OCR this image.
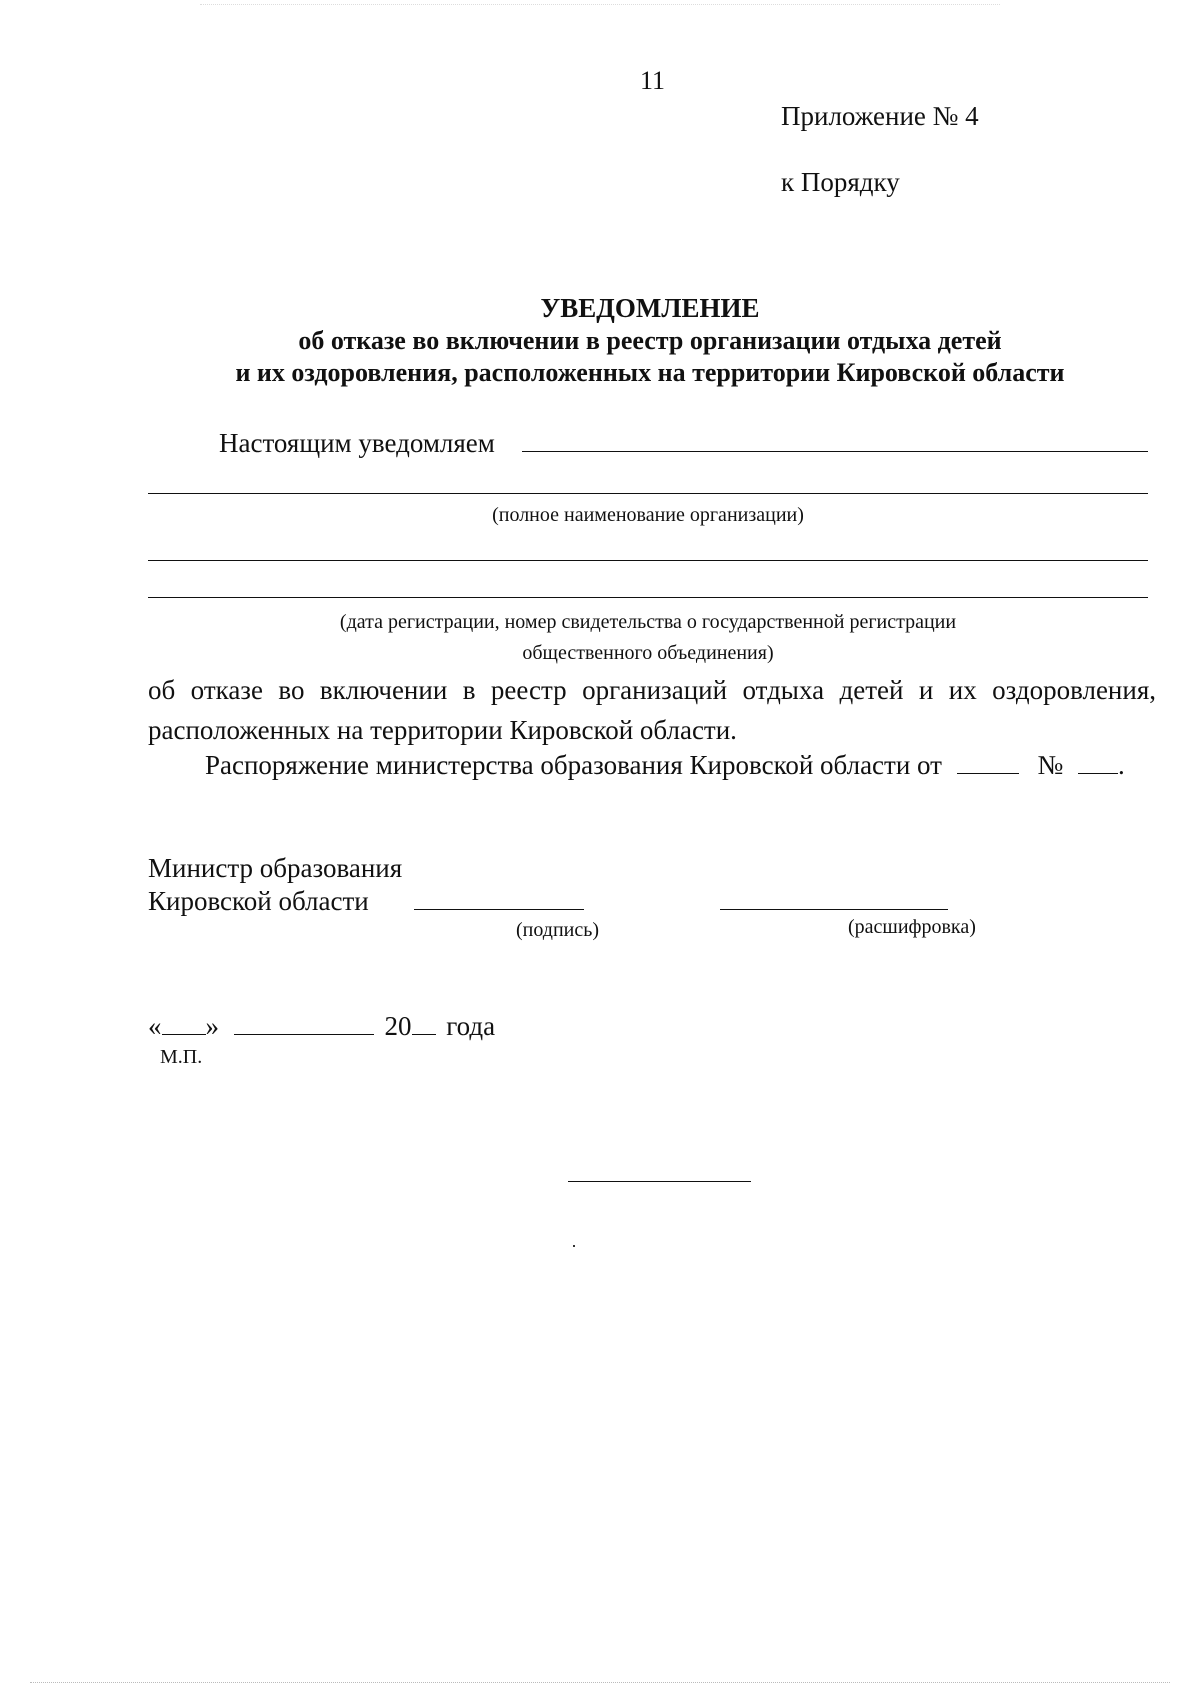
11
Приложение № 4
к Порядку
УВЕДОМЛЕНИЕ
об отказе во включении в реестр организации отдыха детей
и их оздоровления, расположенных на территории Кировской области
Настоящим уведомляем
(полное наименование организации)
(дата регистрации, номер свидетельства о государственной регистрации
общественного объединения)
об отказе во включении в реестр организаций отдыха детей и их оздоровления,
расположенных на территории Кировской области.
Распоряжение министерства образования Кировской области от	№ .
Министр образования
Кировской области
(подпись)	(расшифровка)
« »	20 года
М.П.
